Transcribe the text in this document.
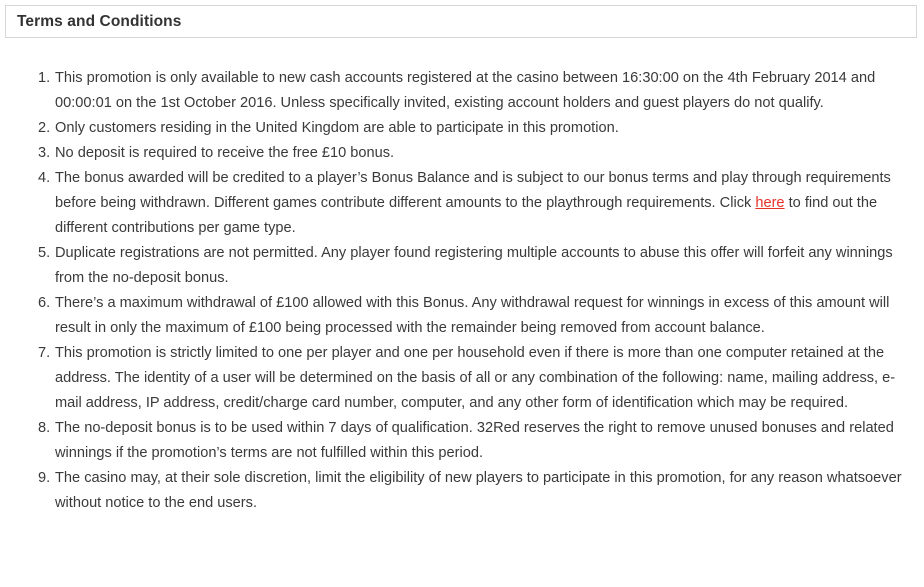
Terms and Conditions
1. This promotion is only available to new cash accounts registered at the casino between 16:30:00 on the 4th February 2014 and 00:00:01 on the 1st October 2016. Unless specifically invited, existing account holders and guest players do not qualify.
2. Only customers residing in the United Kingdom are able to participate in this promotion.
3. No deposit is required to receive the free £10 bonus.
4. The bonus awarded will be credited to a player’s Bonus Balance and is subject to our bonus terms and play through requirements before being withdrawn. Different games contribute different amounts to the playthrough requirements. Click here to find out the different contributions per game type.
5. Duplicate registrations are not permitted. Any player found registering multiple accounts to abuse this offer will forfeit any winnings from the no-deposit bonus.
6. There’s a maximum withdrawal of £100 allowed with this Bonus. Any withdrawal request for winnings in excess of this amount will result in only the maximum of £100 being processed with the remainder being removed from account balance.
7. This promotion is strictly limited to one per player and one per household even if there is more than one computer retained at the address. The identity of a user will be determined on the basis of all or any combination of the following: name, mailing address, e-mail address, IP address, credit/charge card number, computer, and any other form of identification which may be required.
8. The no-deposit bonus is to be used within 7 days of qualification. 32Red reserves the right to remove unused bonuses and related winnings if the promotion’s terms are not fulfilled within this period.
9. The casino may, at their sole discretion, limit the eligibility of new players to participate in this promotion, for any reason whatsoever without notice to the end users.
